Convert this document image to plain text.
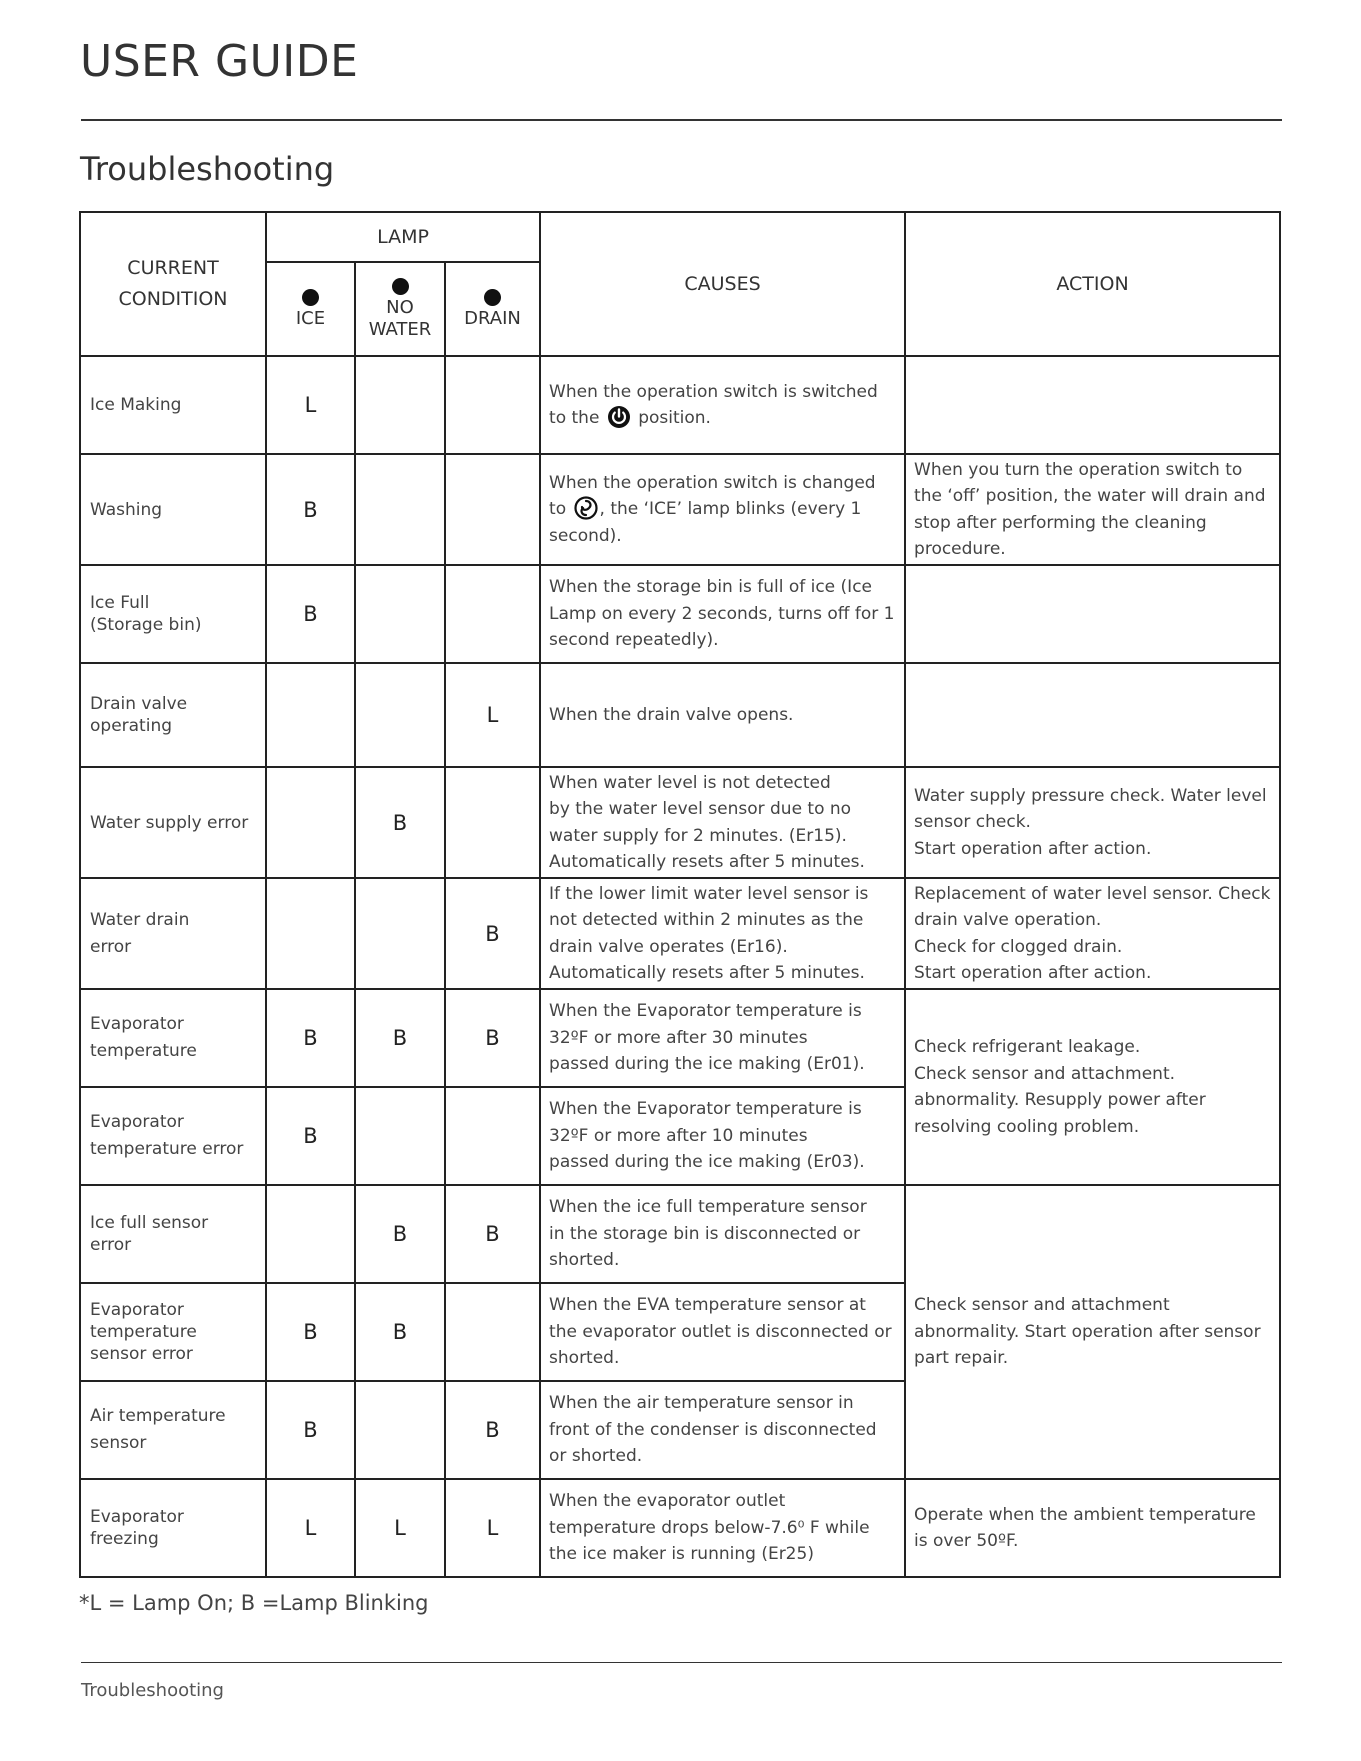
USER GUIDE
Troubleshooting
CURRENT
CONDITION	LAMP			CAUSES	ACTION

	ICE	NO
WATER	DRAIN		

Ice Making	L			When the operation switch is switched to the position.	
Washing	B			When the operation switch is changed to , the ‘ICE’ lamp blinks (every 1 second).	When you turn the operation switch to the ‘off’ position, the water will drain and stop after performing the cleaning procedure.
Ice Full
(Storage bin)	B			When the storage bin is full of ice (Ice Lamp on every 2 seconds, turns off for 1 second repeatedly).	
Drain valve
operating			L	When the drain valve opens.	
Water supply error		B		When water level is not detected
by the water level sensor due to no
water supply for 2 minutes. (Er15).
Automatically resets after 5 minutes.	Water supply pressure check. Water level sensor check.
Start operation after action.
Water drain
error			B	If the lower limit water level sensor is not detected within 2 minutes as the drain valve operates (Er16).
Automatically resets after 5 minutes.	Replacement of water level sensor. Check drain valve operation.
Check for clogged drain.
Start operation after action.
Evaporator
temperature	B	B	B	When the Evaporator temperature is
32ºF or more after 30 minutes
passed during the ice making (Er01).	Check refrigerant leakage.
Check sensor and attachment. abnormality. Resupply power after resolving cooling problem.
Evaporator
temperature error	B			When the Evaporator temperature is
32ºF or more after 10 minutes
passed during the ice making (Er03).	
Ice full sensor
error		B	B	When the ice full temperature sensor
in the storage bin is disconnected or shorted.	Check sensor and attachment abnormality. Start operation after sensor part repair.
Evaporator
temperature
sensor error	B	B		When the EVA temperature sensor at the evaporator outlet is disconnected or shorted.	
Air temperature
sensor	B		B	When the air temperature sensor in front of the condenser is disconnected or shorted.	
Evaporator freezing	L	L	L	When the evaporator outlet
temperature drops below-7.6⁰ F while the ice maker is running (Er25)	Operate when the ambient temperature is over 50ºF.
*L = Lamp On; B =Lamp Blinking
Troubleshooting
